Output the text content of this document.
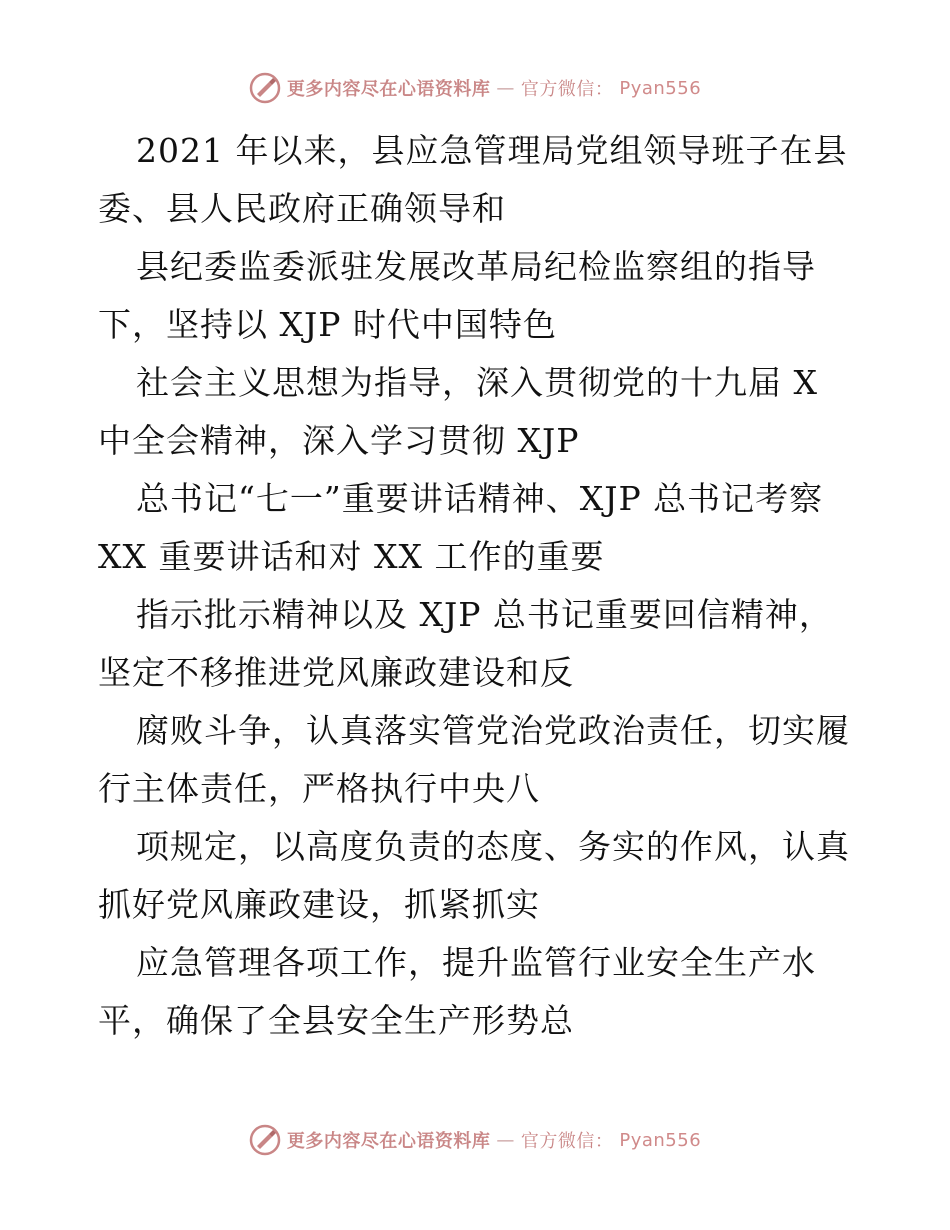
更多内容尽在心语资料库 — 官方微信： Pyan556
2021 年以来，县应急管理局党组领导班子在县
委、县人民政府正确领导和
县纪委监委派驻发展改革局纪检监察组的指导
下，坚持以 XJP 时代中国特色
社会主义思想为指导，深入贯彻党的十九届 X
中全会精神，深入学习贯彻 XJP
总书记“七一”重要讲话精神、XJP 总书记考察
XX 重要讲话和对 XX 工作的重要
指示批示精神以及 XJP 总书记重要回信精神，
坚定不移推进党风廉政建设和反
腐败斗争，认真落实管党治党政治责任，切实履
行主体责任，严格执行中央八
项规定，以高度负责的态度、务实的作风，认真
抓好党风廉政建设，抓紧抓实
应急管理各项工作，提升监管行业安全生产水
平，确保了全县安全生产形势总
更多内容尽在心语资料库 — 官方微信： Pyan556
